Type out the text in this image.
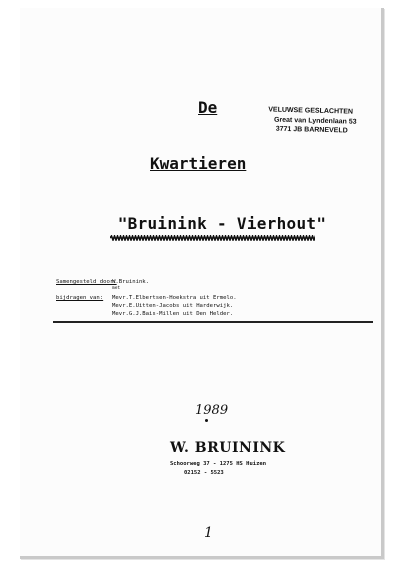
De	VELUWSE GESLACHTEN
Great van Lyndenlaan 53
3771 JB BARNEVELD
Kwartieren
"Bruinink - Vierhout"
Samengesteld door:
W.Bruinink.
met
bijdragen van: Mevr.T.Elbertsen-Hoekstra uit Ermelo.
Mevr.E.Uitten-Jacobs uit Harderwijk.
Mevr.G.J.Bais-Millen uit Den Helder.
1989
W. BRUININK
Schoorweg 37 - 1275 HS Huizen
02152 - 5523
1
